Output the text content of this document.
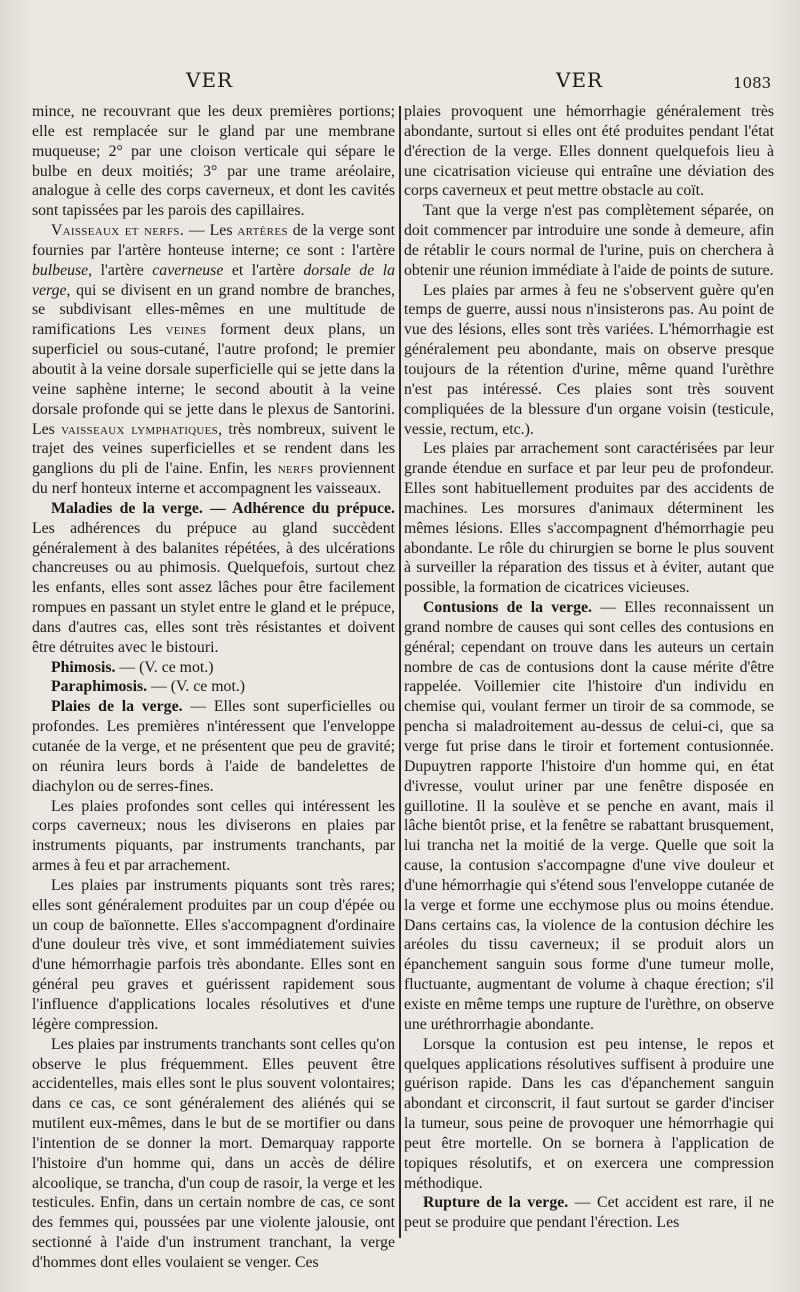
VER	VER	1083

mince, ne recouvrant que les deux premières portions; elle est remplacée sur le gland par une membrane muqueuse; 2° par une cloison verticale qui sépare le bulbe en deux moitiés; 3° par une trame aréolaire, analogue à celle des corps caverneux, et dont les cavités sont tapissées par les parois des capillaires.

Vaisseaux et nerfs. — Les artères de la verge sont fournies par l'artère honteuse interne; ce sont : l'artère bulbeuse, l'artère caverneuse et l'artère dorsale de la verge, qui se divisent en un grand nombre de branches, se subdivisant elles-mêmes en une multitude de ramifications Les veines forment deux plans, un superficiel ou sous-cutané, l'autre profond; le premier aboutit à la veine dorsale superficielle qui se jette dans la veine saphène interne; le second aboutit à la veine dorsale profonde qui se jette dans le plexus de Santorini. Les vaisseaux lymphatiques, très nombreux, suivent le trajet des veines superficielles et se rendent dans les ganglions du pli de l'aine. Enfin, les nerfs proviennent du nerf honteux interne et accompagnent les vaisseaux.

Maladies de la verge. — Adhérence du prépuce. Les adhérences du prépuce au gland succèdent généralement à des balanites répétées, à des ulcérations chancreuses ou au phimosis. Quelquefois, surtout chez les enfants, elles sont assez lâches pour être facilement rompues en passant un stylet entre le gland et le prépuce, dans d'autres cas, elles sont très résistantes et doivent être détruites avec le bistouri.

Phimosis. — (V. ce mot.)

Paraphimosis. — (V. ce mot.)

Plaies de la verge. — Elles sont superficielles ou profondes. Les premières n'intéressent que l'enveloppe cutanée de la verge, et ne présentent que peu de gravité; on réunira leurs bords à l'aide de bandelettes de diachylon ou de serres-fines.

Les plaies profondes sont celles qui intéressent les corps caverneux; nous les diviserons en plaies par instruments piquants, par instruments tranchants, par armes à feu et par arrachement.

Les plaies par instruments piquants sont très rares; elles sont généralement produites par un coup d'épée ou un coup de baïonnette. Elles s'accompagnent d'ordinaire d'une douleur très vive, et sont immédiatement suivies d'une hémorrhagie parfois très abondante. Elles sont en général peu graves et guérissent rapidement sous l'influence d'applications locales résolutives et d'une légère compression.

Les plaies par instruments tranchants sont celles qu'on observe le plus fréquemment. Elles peuvent être accidentelles, mais elles sont le plus souvent volontaires; dans ce cas, ce sont généralement des aliénés qui se mutilent eux-mêmes, dans le but de se mortifier ou dans l'intention de se donner la mort. Demarquay rapporte l'histoire d'un homme qui, dans un accès de délire alcoolique, se trancha, d'un coup de rasoir, la verge et les testicules. Enfin, dans un certain nombre de cas, ce sont des femmes qui, poussées par une violente jalousie, ont sectionné à l'aide d'un instrument tranchant, la verge d'hommes dont elles voulaient se venger. Ces

plaies provoquent une hémorrhagie généralement très abondante, surtout si elles ont été produites pendant l'état d'érection de la verge. Elles donnent quelquefois lieu à une cicatrisation vicieuse qui entraîne une déviation des corps caverneux et peut mettre obstacle au coït.

Tant que la verge n'est pas complètement séparée, on doit commencer par introduire une sonde à demeure, afin de rétablir le cours normal de l'urine, puis on cherchera à obtenir une réunion immédiate à l'aide de points de suture.

Les plaies par armes à feu ne s'observent guère qu'en temps de guerre, aussi nous n'insisterons pas. Au point de vue des lésions, elles sont très variées. L'hémorrhagie est généralement peu abondante, mais on observe presque toujours de la rétention d'urine, même quand l'urèthre n'est pas intéressé. Ces plaies sont très souvent compliquées de la blessure d'un organe voisin (testicule, vessie, rectum, etc.).

Les plaies par arrachement sont caractérisées par leur grande étendue en surface et par leur peu de profondeur. Elles sont habituellement produites par des accidents de machines. Les morsures d'animaux déterminent les mêmes lésions. Elles s'accompagnent d'hémorrhagie peu abondante. Le rôle du chirurgien se borne le plus souvent à surveiller la réparation des tissus et à éviter, autant que possible, la formation de cicatrices vicieuses.

Contusions de la verge. — Elles reconnaissent un grand nombre de causes qui sont celles des contusions en général; cependant on trouve dans les auteurs un certain nombre de cas de contusions dont la cause mérite d'être rappelée. Voillemier cite l'histoire d'un individu en chemise qui, voulant fermer un tiroir de sa commode, se pencha si maladroitement au-dessus de celui-ci, que sa verge fut prise dans le tiroir et fortement contusionnée. Dupuytren rapporte l'histoire d'un homme qui, en état d'ivresse, voulut uriner par une fenêtre disposée en guillotine. Il la soulève et se penche en avant, mais il lâche bientôt prise, et la fenêtre se rabattant brusquement, lui trancha net la moitié de la verge. Quelle que soit la cause, la contusion s'accompagne d'une vive douleur et d'une hémorrhagie qui s'étend sous l'enveloppe cutanée de la verge et forme une ecchymose plus ou moins étendue. Dans certains cas, la violence de la contusion déchire les aréoles du tissu caverneux; il se produit alors un épanchement sanguin sous forme d'une tumeur molle, fluctuante, augmentant de volume à chaque érection; s'il existe en même temps une rupture de l'urèthre, on observe une uréthrorrhagie abondante.

Lorsque la contusion est peu intense, le repos et quelques applications résolutives suffisent à produire une guérison rapide. Dans les cas d'épanchement sanguin abondant et circonscrit, il faut surtout se garder d'inciser la tumeur, sous peine de provoquer une hémorrhagie qui peut être mortelle. On se bornera à l'application de topiques résolutifs, et on exercera une compression méthodique.

Rupture de la verge. — Cet accident est rare, il ne peut se produire que pendant l'érection. Les
